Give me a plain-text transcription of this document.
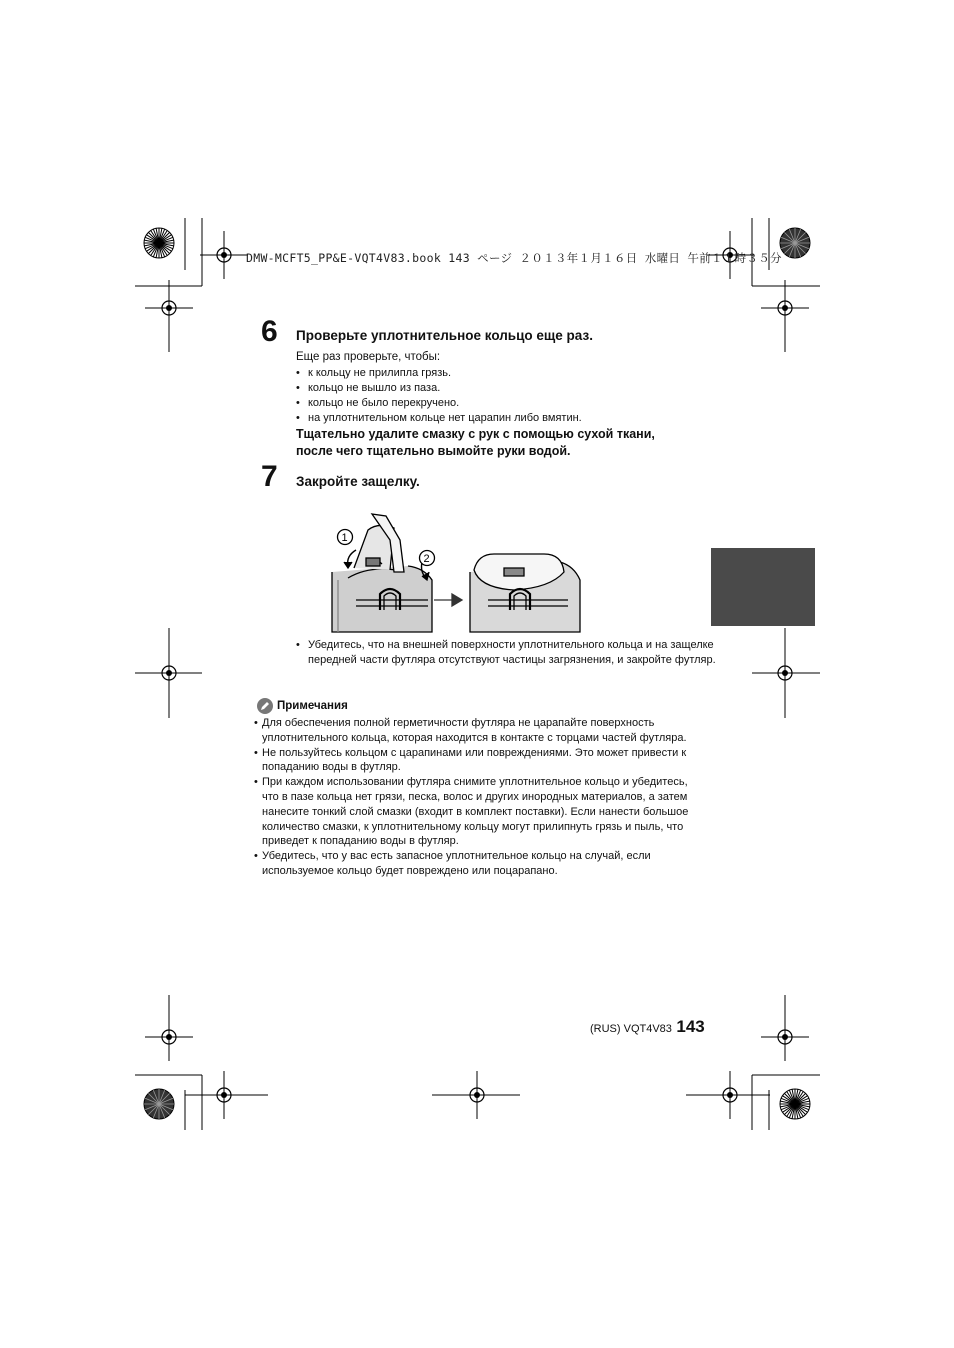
DMW-MCFT5_PP&E-VQT4V83.book 143 ページ ２０１３年１月１６日 水曜日 午前１１時３５分
6 Проверьте уплотнительное кольцо еще раз.
Еще раз проверьте, чтобы:
• к кольцу не прилипла грязь.
• кольцо не вышло из паза.
• кольцо не было перекручено.
• на уплотнительном кольце нет царапин либо вмятин.
Тщательно удалите смазку с рук с помощью сухой ткани,
после чего тщательно вымойте руки водой.
7 Закройте защелку.
1
2
• Убедитесь, что на внешней поверхности уплотнительного кольца и на защелке передней части футляра отсутствуют частицы загрязнения, и закройте футляр.
Примечания
• Для обеспечения полной герметичности футляра не царапайте поверхность уплотнительного кольца, которая находится в контакте с торцами частей футляра.
• Не пользуйтесь кольцом с царапинами или повреждениями. Это может привести к попаданию воды в футляр.
• При каждом использовании футляра снимите уплотнительное кольцо и убедитесь, что в пазе кольца нет грязи, песка, волос и других инородных материалов, а затем нанесите тонкий слой смазки (входит в комплект поставки). Если нанести большое количество смазки, к уплотнительному кольцу могут прилипнуть грязь и пыль, что приведет к попаданию воды в футляр.
• Убедитесь, что у вас есть запасное уплотнительное кольцо на случай, если используемое кольцо будет повреждено или поцарапано.
(RUS) VQT4V83 143
